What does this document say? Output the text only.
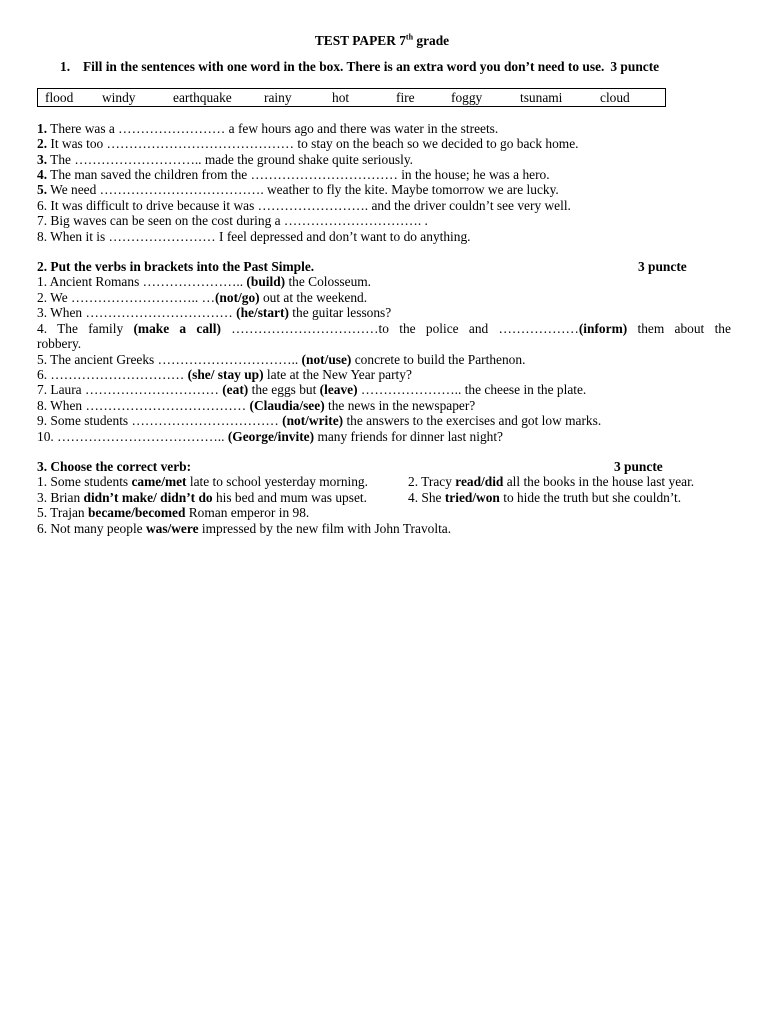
TEST PAPER 7th grade
1. Fill in the sentences with one word in the box. There is an extra word you don’t need to use. 3 puncte
flood windy	earthquake rainy	hot	fire	foggy	tsunami	cloud
1. There was a …………………… a few hours ago and there was water in the streets.
2. It was too …………………………………… to stay on the beach so we decided to go back home.
3. The ……………………….. made the ground shake quite seriously.
4. The man saved the children from the …………………………… in the house; he was a hero.
5. We need ………………………………. weather to fly the kite. Maybe tomorrow we are lucky.
6. It was difficult to drive because it was ……………………. and the driver couldn’t see very well.
7. Big waves can be seen on the cost during a …………………………. .
8. When it is …………………… I feel depressed and don’t want to do anything.
2. Put the verbs in brackets into the Past Simple.	3 puncte
1. Ancient Romans ………………….. (build) the Colosseum.
2. We ……………………….. …(not/go) out at the weekend.
3. When …………………………… (he/start) the guitar lessons?
4. The family (make a call) ……………………………to the police and ………………(inform) them about the
robbery.
5. The ancient Greeks ………………………….. (not/use) concrete to build the Parthenon.
6. ………………………… (she/ stay up) late at the New Year party?
7. Laura ………………………… (eat) the eggs but (leave) ………………….. the cheese in the plate.
8. When ……………………………… (Claudia/see) the news in the newspaper?
9. Some students …………………………… (not/write) the answers to the exercises and got low marks.
10. ……………………………….. (George/invite) many friends for dinner last night?
3. Choose the correct verb:	3 puncte
1. Some students came/met late to school yesterday morning.	2. Tracy read/did all the books in the house last year.
3. Brian didn’t make/ didn’t do his bed and mum was upset.	4. She tried/won to hide the truth but she couldn’t.
5. Trajan became/becomed Roman emperor in 98.
6. Not many people was/were impressed by the new film with John Travolta.
